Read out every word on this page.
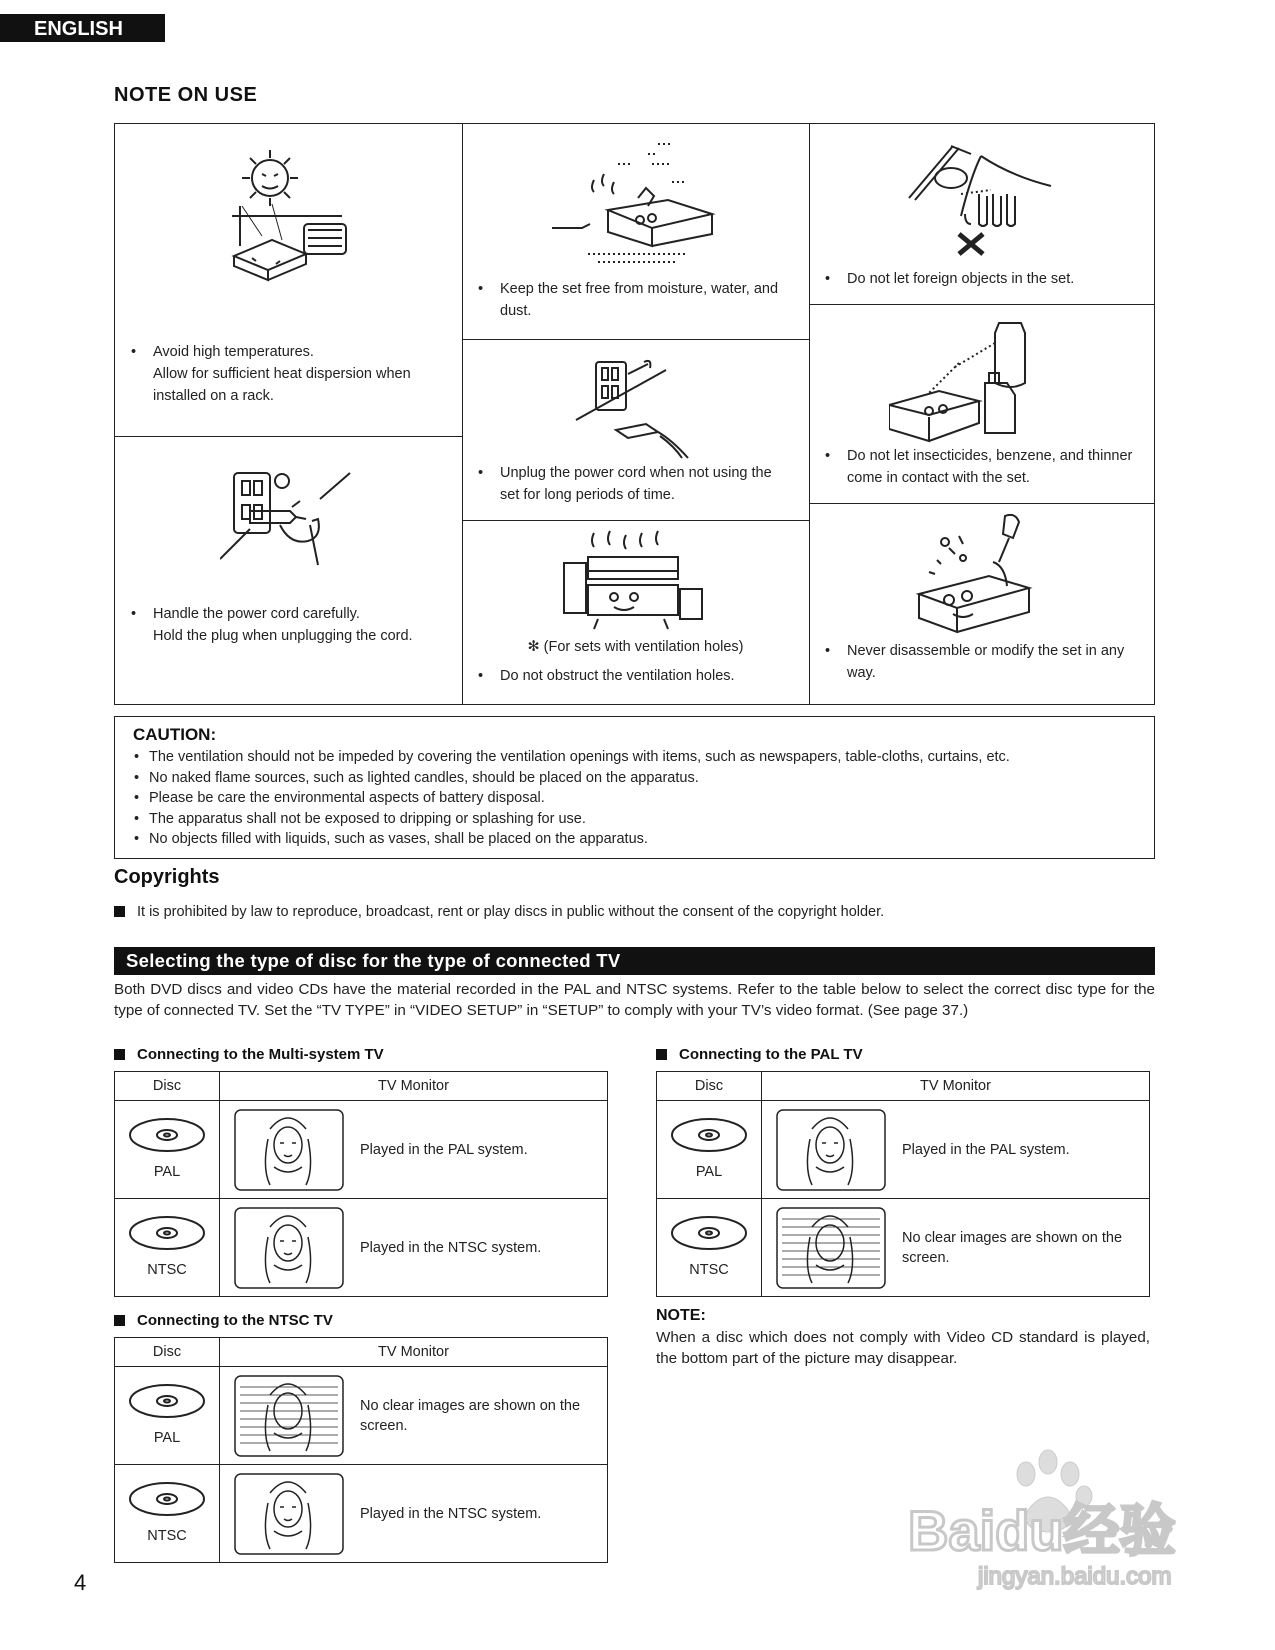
ENGLISH
NOTE ON USE
•	Avoid high temperatures.
Allow for sufficient heat dispersion when installed on a rack.
•	Handle the power cord carefully.
Hold the plug when unplugging the cord.
•	Keep the set free from moisture, water, and dust.
•	Unplug the power cord when not using the set for long periods of time.
✻ (For sets with ventilation holes)
•	Do not obstruct the ventilation holes.
•	Do not let foreign objects in the set.
•	Do not let insecticides, benzene, and thinner come in contact with the set.
•	Never disassemble or modify the set in any way.
CAUTION:
• The ventilation should not be impeded by covering the ventilation openings with items, such as newspapers, table-cloths, curtains, etc.
• No naked flame sources, such as lighted candles, should be placed on the apparatus.
• Please be care the environmental aspects of battery disposal.
• The apparatus shall not be exposed to dripping or splashing for use.
• No objects filled with liquids, such as vases, shall be placed on the apparatus.
Copyrights
It is prohibited by law to reproduce, broadcast, rent or play discs in public without the consent of the copyright holder.
Selecting the type of disc for the type of connected TV
Both DVD discs and video CDs have the material recorded in the PAL and NTSC systems. Refer to the table below to select the correct disc type for the type of connected TV. Set the “TV TYPE” in “VIDEO SETUP” in “SETUP” to comply with your TV’s video format. (See page 37.)
Connecting to the Multi-system TV
Disc	TV Monitor

PAL	Played in the PAL system.

NTSC	Played in the NTSC system.
Connecting to the NTSC TV
Disc	TV Monitor

PAL	No clear images are shown on the screen.

NTSC	Played in the NTSC system.
Connecting to the PAL TV
Disc	TV Monitor

PAL	Played in the PAL system.

NTSC	No clear images are shown on the screen.
NOTE:
When a disc which does not comply with Video CD standard is played, the bottom part of the picture may disappear.
4
Baidu经验
jingyan.baidu.com
